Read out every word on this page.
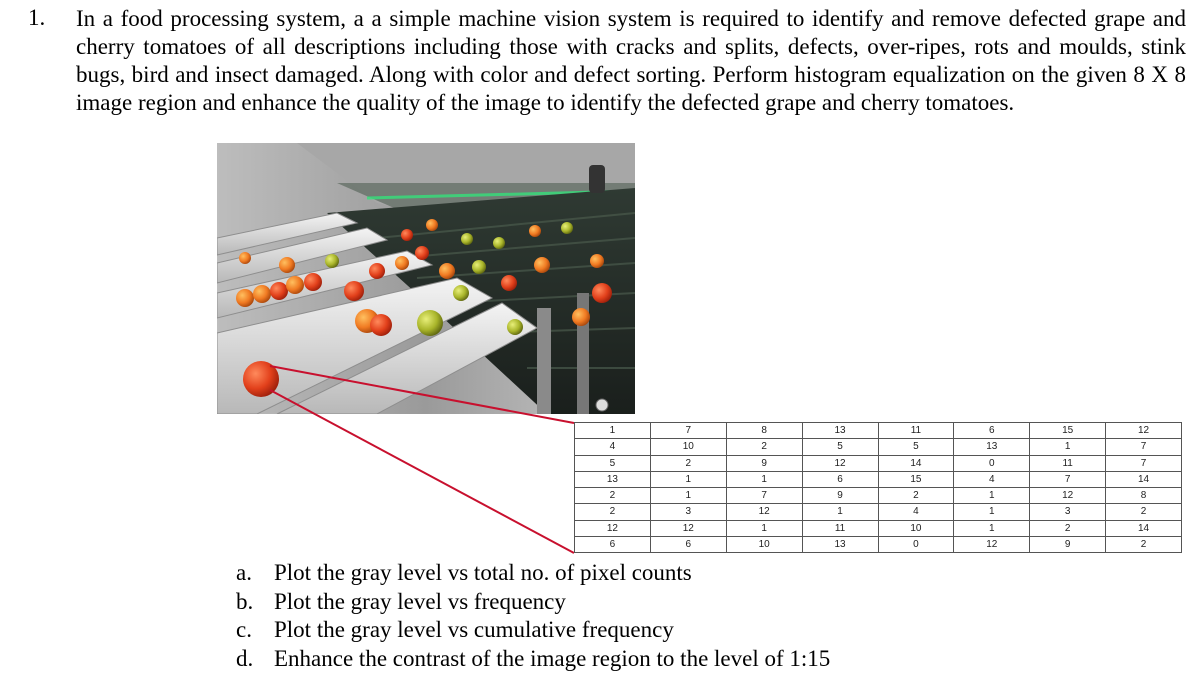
1. In a food processing system, a a simple machine vision system is required to identify and remove defected grape and cherry tomatoes of all descriptions including those with cracks and splits, defects, over-ripes, rots and moulds, stink bugs, bird and insect damaged. Along with color and defect sorting. Perform histogram equalization on the given 8 X 8 image region and enhance the quality of the image to identify the defected grape and cherry tomatoes.

1	7	8	13	11	6	15	12
4	10	2	5	5	13	1	7
5	2	9	12	14	0	11	7
13	1	1	6	15	4	7	14
2	1	7	9	2	1	12	8
2	3	12	1	4	1	3	2
12	12	1	11	10	1	2	14
6	6	10	13	0	12	9	2
a. Plot the gray level vs total no. of pixel counts
b. Plot the gray level vs frequency
c. Plot the gray level vs cumulative frequency
d. Enhance the contrast of the image region to the level of 1:15
